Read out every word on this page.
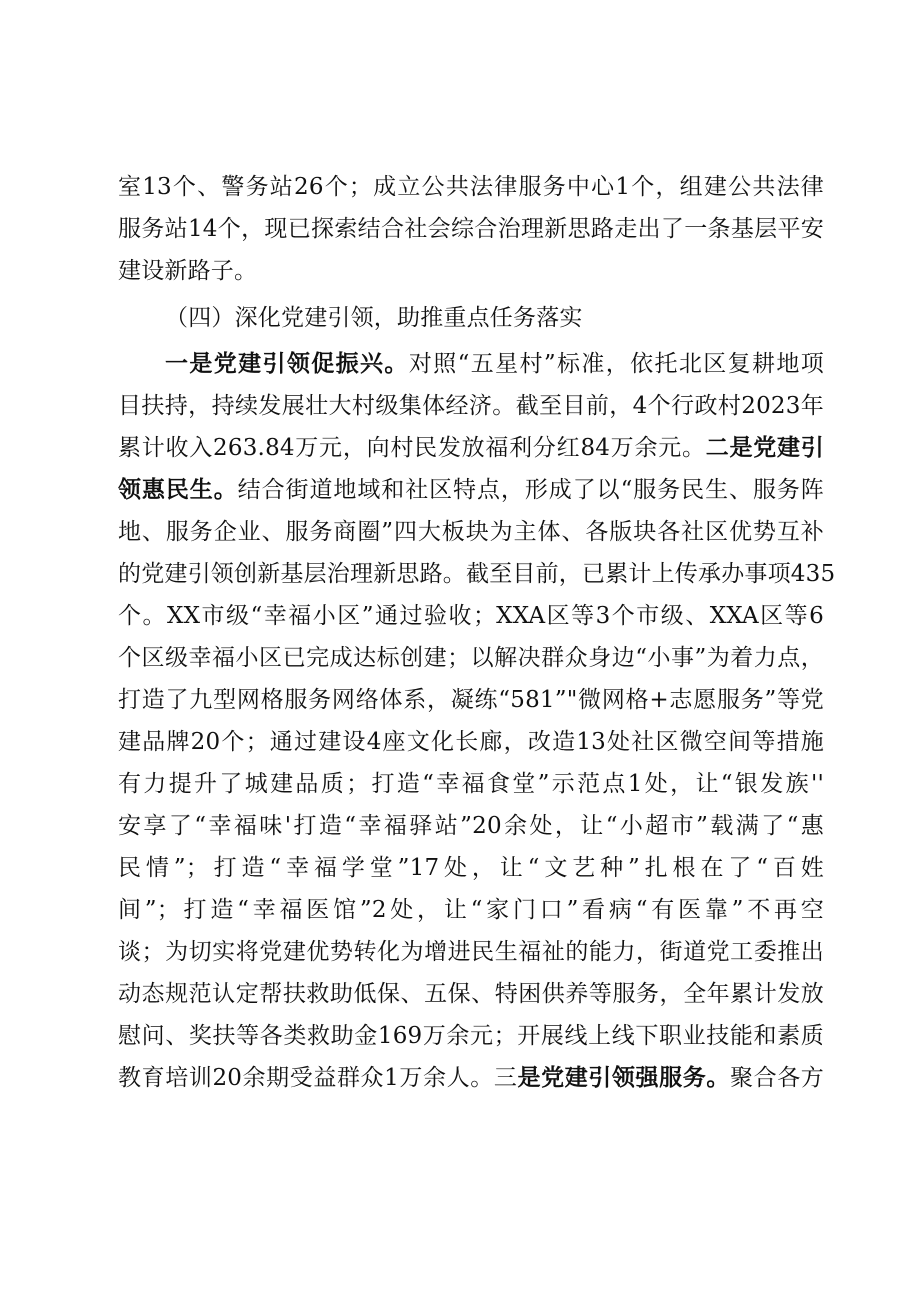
室13个、警务站26个；成立公共法律服务中心1个，组建公共法律
服务站14个，现已探索结合社会综合治理新思路走出了一条基层平安
建设新路子。
（四）深化党建引领，助推重点任务落实
一是党建引领促振兴。对照“五星村”标准，依托北区复耕地项
目扶持，持续发展壮大村级集体经济。截至目前，4个行政村2023年
累计收入263.84万元，向村民发放福利分红84万余元。二是党建引
领惠民生。结合街道地域和社区特点，形成了以“服务民生、服务阵
地、服务企业、服务商圈”四大板块为主体、各版块各社区优势互补
的党建引领创新基层治理新思路。截至目前，已累计上传承办事项435
个。XX市级“幸福小区”通过验收；XXA区等3个市级、XXA区等6
个区级幸福小区已完成达标创建；以解决群众身边“小事”为着力点，
打造了九型网格服务网络体系，凝练“581”"微网格+志愿服务”等党
建品牌20个；通过建设4座文化长廊，改造13处社区微空间等措施
有力提升了城建品质；打造“幸福食堂”示范点1处，让“银发族''
安享了“幸福味'打造“幸福驿站”20余处，让“小超市”载满了“惠
民情”；打造“幸福学堂”17处，让“文艺种”扎根在了“百姓
间”；打造“幸福医馆”2处，让“家门口”看病“有医靠”不再空
谈；为切实将党建优势转化为增进民生福祉的能力，街道党工委推出
动态规范认定帮扶救助低保、五保、特困供养等服务，全年累计发放
慰问、奖扶等各类救助金169万余元；开展线上线下职业技能和素质
教育培训20余期受益群众1万余人。三是党建引领强服务。聚合各方
